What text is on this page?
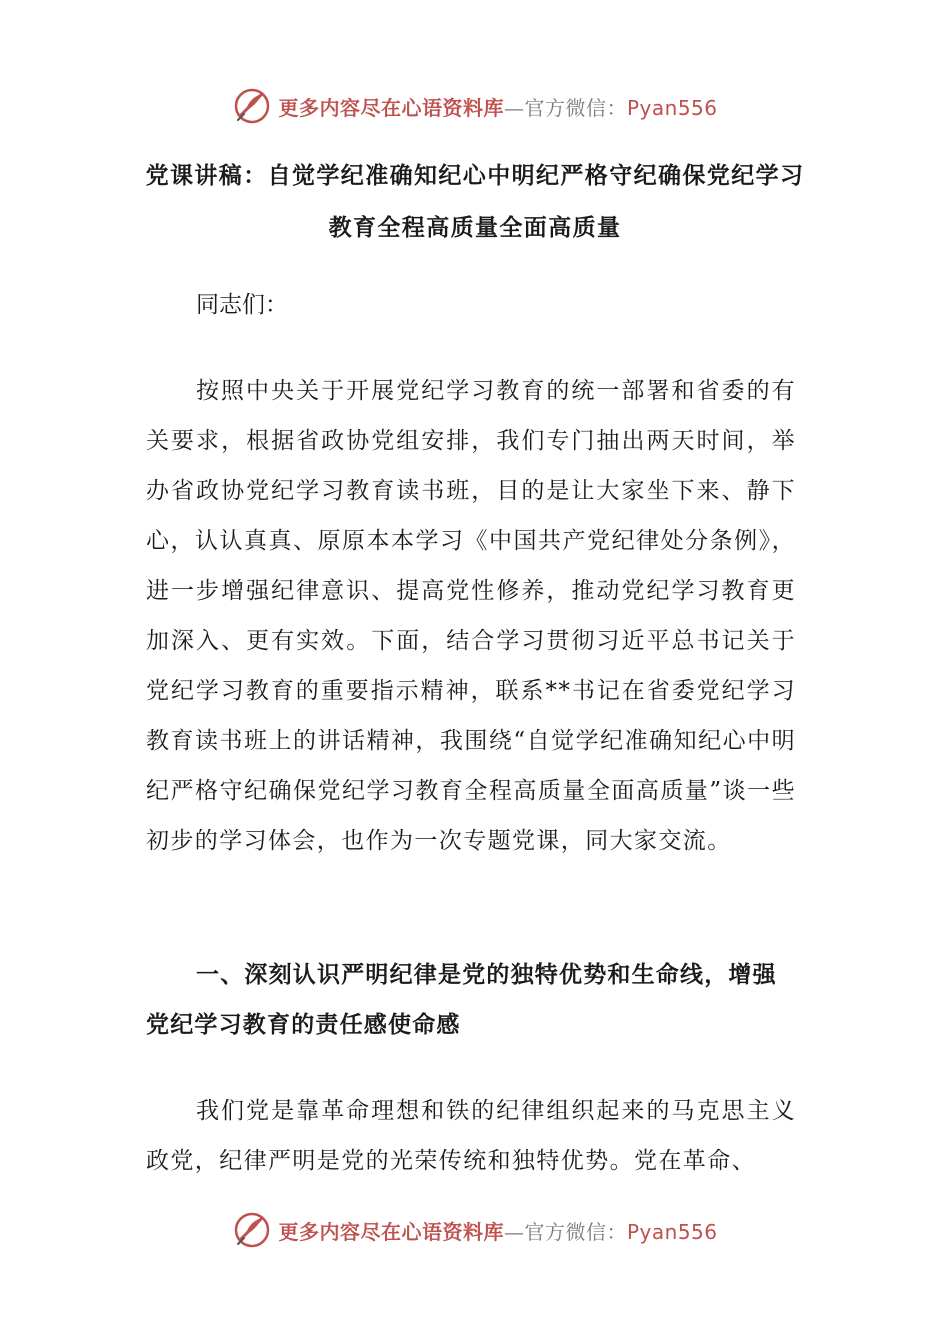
更多内容尽在心语资料库—官方微信：Pyan556
党课讲稿：自觉学纪准确知纪心中明纪严格守纪确保党纪学习教育全程高质量全面高质量

同志们：

按照中央关于开展党纪学习教育的统一部署和省委的有关要求，根据省政协党组安排，我们专门抽出两天时间，举办省政协党纪学习教育读书班，目的是让大家坐下来、静下心，认认真真、原原本本学习《中国共产党纪律处分条例》，进一步增强纪律意识、提高党性修养，推动党纪学习教育更加深入、更有实效。下面，结合学习贯彻习近平总书记关于党纪学习教育的重要指示精神，联系**书记在省委党纪学习教育读书班上的讲话精神，我围绕“自觉学纪准确知纪心中明纪严格守纪确保党纪学习教育全程高质量全面高质量”谈一些初步的学习体会，也作为一次专题党课，同大家交流。

一、深刻认识严明纪律是党的独特优势和生命线，增强党纪学习教育的责任感使命感

我们党是靠革命理想和铁的纪律组织起来的马克思主义政党，纪律严明是党的光荣传统和独特优势。党在革命、

更多内容尽在心语资料库—官方微信：Pyan556
